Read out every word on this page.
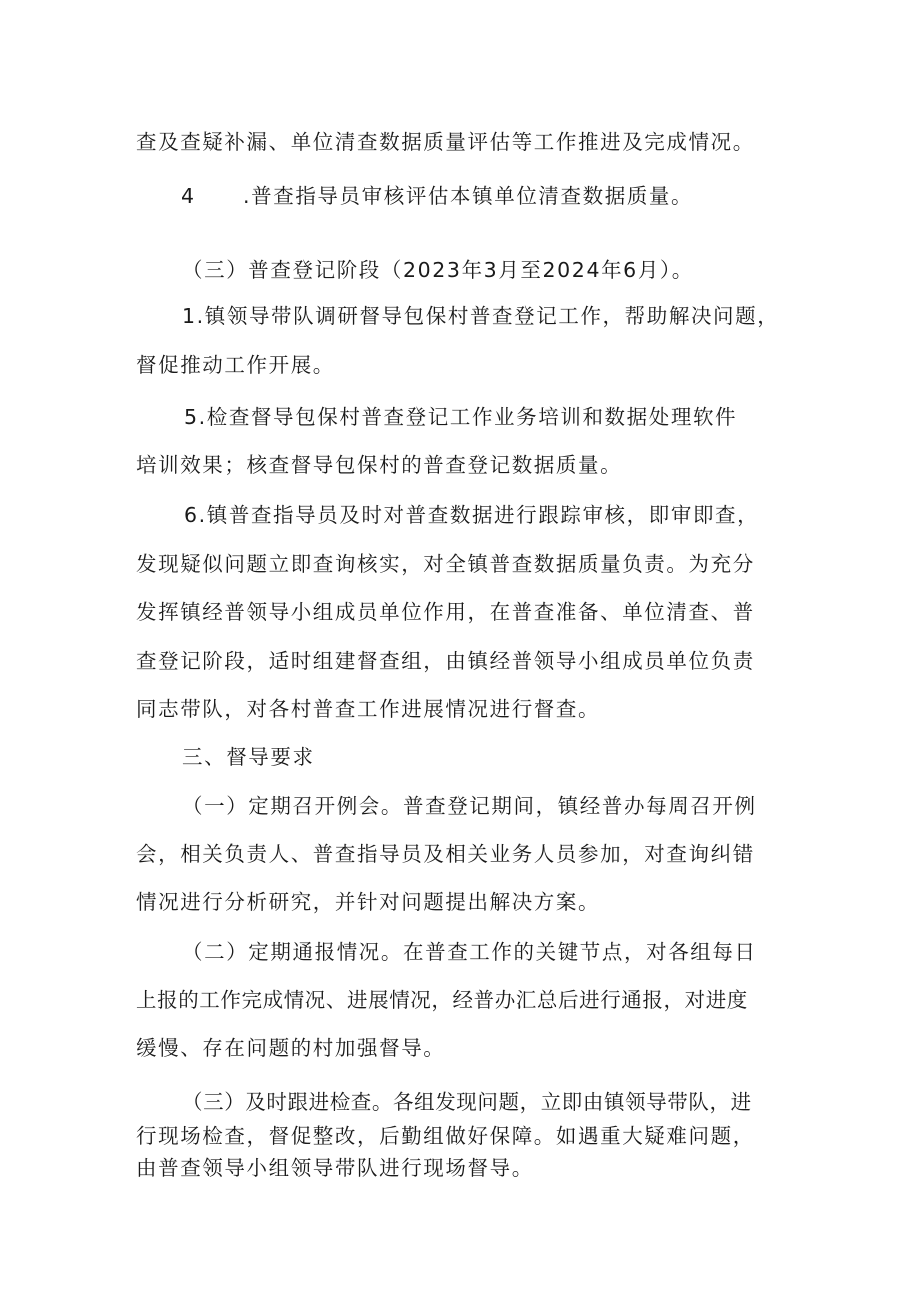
查及查疑补漏、单位清查数据质量评估等工作推进及完成情况。
4 .普查指导员审核评估本镇单位清查数据质量。
（三）普查登记阶段（2023年3月至2024年6月）。
1.镇领导带队调研督导包保村普查登记工作，帮助解决问题，
督促推动工作开展。
5.检查督导包保村普查登记工作业务培训和数据处理软件
培训效果；核查督导包保村的普查登记数据质量。
6.镇普查指导员及时对普查数据进行跟踪审核，即审即查，
发现疑似问题立即查询核实，对全镇普查数据质量负责。为充分
发挥镇经普领导小组成员单位作用，在普查准备、单位清查、普
查登记阶段，适时组建督查组，由镇经普领导小组成员单位负责
同志带队，对各村普查工作进展情况进行督查。
三、督导要求
（一）定期召开例会。普查登记期间，镇经普办每周召开例
会，相关负责人、普查指导员及相关业务人员参加，对查询纠错
情况进行分析研究，并针对问题提出解决方案。
（二）定期通报情况。在普查工作的关键节点，对各组每日
上报的工作完成情况、进展情况，经普办汇总后进行通报，对进度
缓慢、存在问题的村加强督导。
（三）及时跟进检查。各组发现问题，立即由镇领导带队，进
行现场检查，督促整改，后勤组做好保障。如遇重大疑难问题，
由普查领导小组领导带队进行现场督导。
